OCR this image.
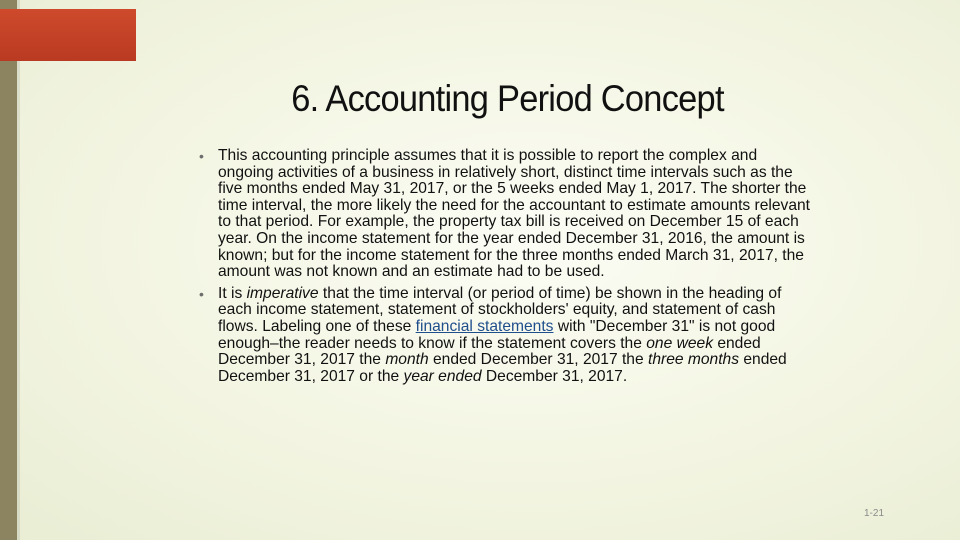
6. Accounting Period Concept
• This accounting principle assumes that it is possible to report the complex and ongoing activities of a business in relatively short, distinct time intervals such as the five months ended May 31, 2017, or the 5 weeks ended May 1, 2017. The shorter the time interval, the more likely the need for the accountant to estimate amounts relevant to that period. For example, the property tax bill is received on December 15 of each year. On the income statement for the year ended December 31, 2016, the amount is known; but for the income statement for the three months ended March 31, 2017, the amount was not known and an estimate had to be used.
• It is imperative that the time interval (or period of time) be shown in the heading of each income statement, statement of stockholders' equity, and statement of cash flows. Labeling one of these financial statements with "December 31" is not good enough–the reader needs to know if the statement covers the one week ended December 31, 2017 the month ended December 31, 2017 the three months ended December 31, 2017 or the year ended December 31, 2017.
1-21
